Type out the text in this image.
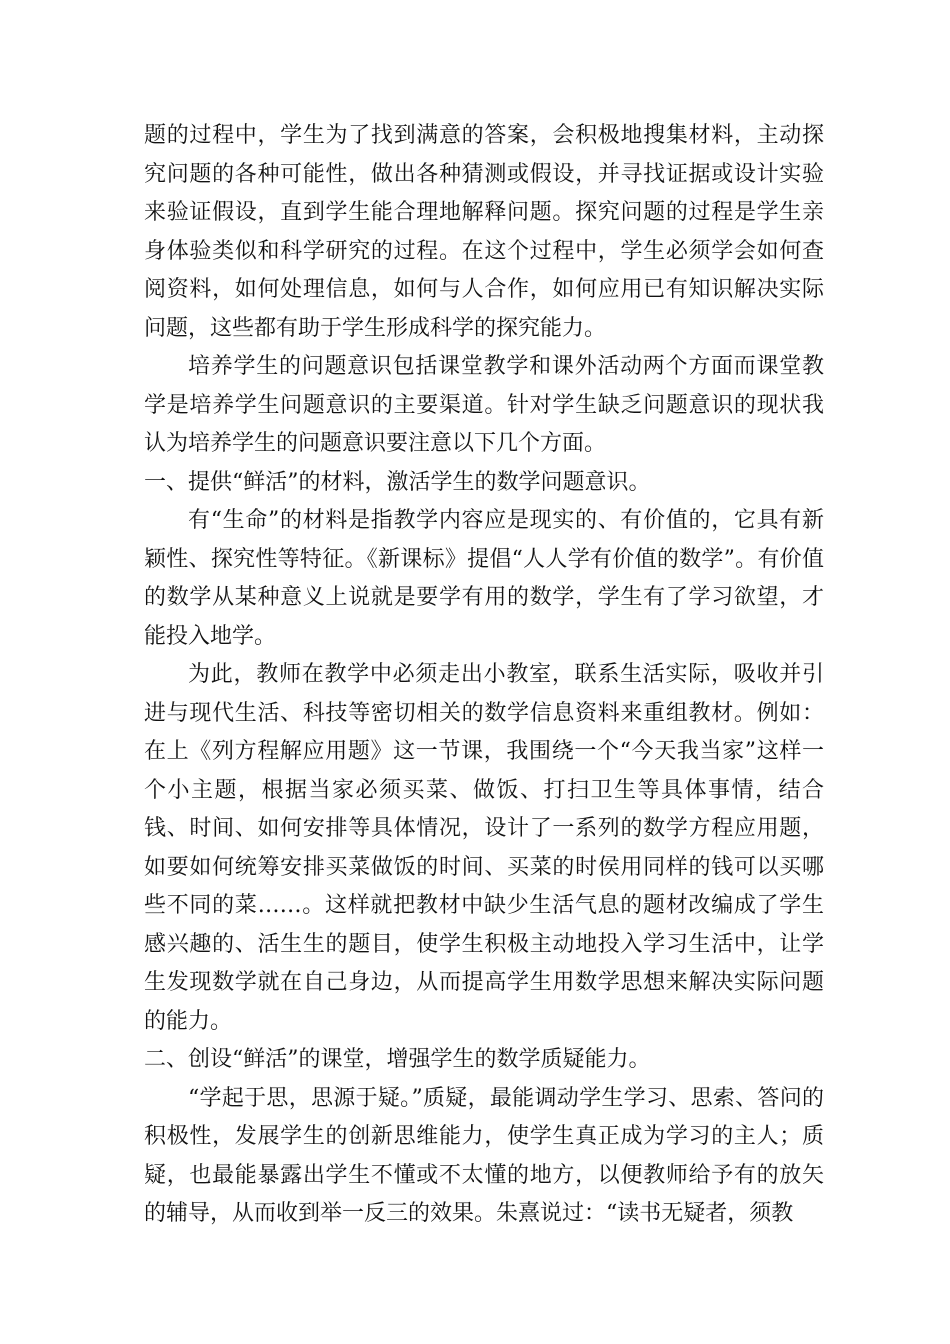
题的过程中，学生为了找到满意的答案，会积极地搜集材料，主动探究问题的各种可能性，做出各种猜测或假设，并寻找证据或设计实验来验证假设，直到学生能合理地解释问题。探究问题的过程是学生亲身体验类似和科学研究的过程。在这个过程中，学生必须学会如何查阅资料，如何处理信息，如何与人合作，如何应用已有知识解决实际问题，这些都有助于学生形成科学的探究能力。

培养学生的问题意识包括课堂教学和课外活动两个方面而课堂教学是培养学生问题意识的主要渠道。针对学生缺乏问题意识的现状我认为培养学生的问题意识要注意以下几个方面。

一、提供“鲜活”的材料，激活学生的数学问题意识。

有“生命”的材料是指教学内容应是现实的、有价值的，它具有新颖性、探究性等特征。《新课标》提倡“人人学有价值的数学”。有价值的数学从某种意义上说就是要学有用的数学，学生有了学习欲望，才能投入地学。

为此，教师在教学中必须走出小教室，联系生活实际，吸收并引进与现代生活、科技等密切相关的数学信息资料来重组教材。例如：在上《列方程解应用题》这一节课，我围绕一个“今天我当家”这样一个小主题，根据当家必须买菜、做饭、打扫卫生等具体事情，结合钱、时间、如何安排等具体情况，设计了一系列的数学方程应用题，如要如何统筹安排买菜做饭的时间、买菜的时侯用同样的钱可以买哪些不同的菜……。这样就把教材中缺少生活气息的题材改编成了学生感兴趣的、活生生的题目，使学生积极主动地投入学习生活中，让学生发现数学就在自己身边，从而提高学生用数学思想来解决实际问题的能力。

二、创设“鲜活”的课堂，增强学生的数学质疑能力。

“学起于思，思源于疑。”质疑，最能调动学生学习、思索、答问的积极性，发展学生的创新思维能力，使学生真正成为学习的主人；质疑，也最能暴露出学生不懂或不太懂的地方，以便教师给予有的放矢的辅导，从而收到举一反三的效果。朱熹说过：“读书无疑者，须教
